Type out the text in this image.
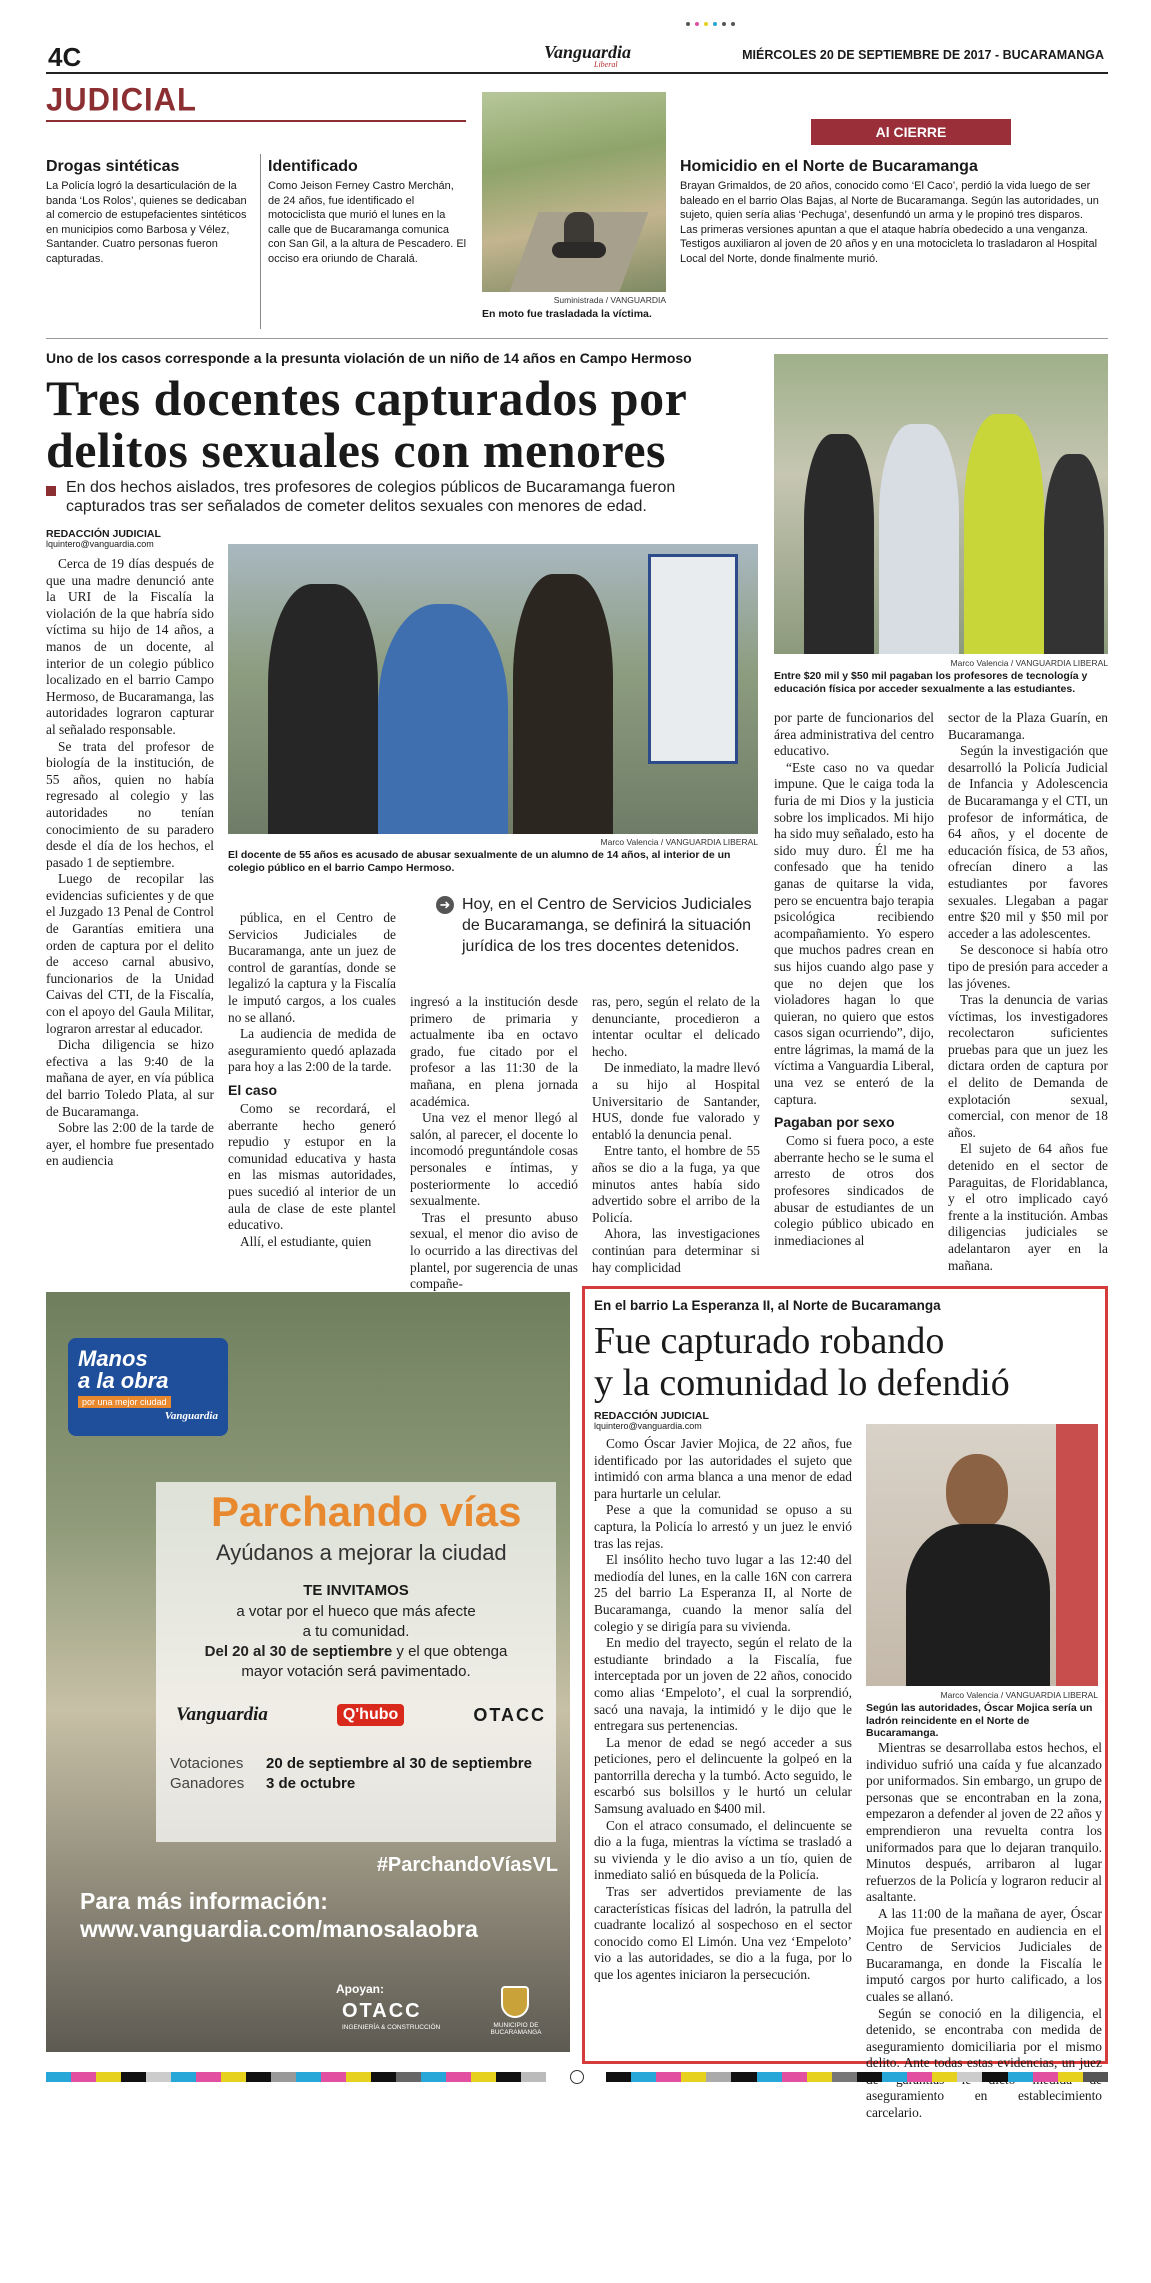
4C	Vanguardia
Liberal
MIÉRCOLES 20 DE SEPTIEMBRE DE 2017 - BUCARAMANGA
JUDICIAL
Drogas sintéticas

La Policía logró la desarticulación de la banda ‘Los Rolos’, quienes se dedicaban al comercio de estupefacientes sintéticos en municipios como Barbosa y Vélez, Santander. Cuatro personas fueron capturadas.

Identificado

Como Jeison Ferney Castro Merchán, de 24 años, fue identificado el motociclista que murió el lunes en la calle que de Bucaramanga comunica con San Gil, a la altura de Pescadero. El occiso era oriundo de Charalá.

Suministrada / VANGUARDIA
En moto fue trasladada la víctima.
Al CIERRE
Homicidio en el Norte de Bucaramanga

Brayan Grimaldos, de 20 años, conocido como ‘El Caco’, perdió la vida luego de ser baleado en el barrio Olas Bajas, al Norte de Bucaramanga. Según las autoridades, un sujeto, quien sería alias ‘Pechuga’, desenfundó un arma y le propinó tres disparos. Las primeras versiones apuntan a que el ataque habría obedecido a una venganza. Testigos auxiliaron al joven de 20 años y en una motocicleta lo trasladaron al Hospital Local del Norte, donde finalmente murió.

Uno de los casos corresponde a la presunta violación de un niño de 14 años en Campo Hermoso
Tres docentes capturados por
delitos sexuales con menores
En dos hechos aislados, tres profesores de colegios públicos de Bucaramanga fueron capturados tras ser señalados de cometer delitos sexuales con menores de edad.
REDACCIÓN JUDICIAL
lquintero@vanguardia.com

Cerca de 19 días después de que una madre denunció ante la URI de la Fiscalía la violación de la que habría sido víctima su hijo de 14 años, a manos de un docente, al interior de un colegio público localizado en el barrio Campo Hermoso, de Bucaramanga, las autoridades lograron capturar al señalado responsable.

Se trata del profesor de biología de la institución, de 55 años, quien no había regresado al colegio y las autoridades no tenían conocimiento de su paradero desde el día de los hechos, el pasado 1 de septiembre.

Luego de recopilar las evidencias suficientes y de que el Juzgado 13 Penal de Control de Garantías emitiera una orden de captura por el delito de acceso carnal abusivo, funcionarios de la Unidad Caivas del CTI, de la Fiscalía, con el apoyo del Gaula Militar, lograron arrestar al educador.

Dicha diligencia se hizo efectiva a las 9:40 de la mañana de ayer, en vía pública del barrio Toledo Plata, al sur de Bucaramanga.

Sobre las 2:00 de la tarde de ayer, el hombre fue presentado en audiencia

Marco Valencia / VANGUARDIA LIBERAL
El docente de 55 años es acusado de abusar sexualmente de un alumno de 14 años, al interior de un colegio público en el barrio Campo Hermoso.
➜ Hoy, en el Centro de Servicios Judiciales de Bucaramanga, se definirá la situación jurídica de los tres docentes detenidos.

pública, en el Centro de Servicios Judiciales de Bucaramanga, ante un juez de control de garantías, donde se legalizó la captura y la Fiscalía le imputó cargos, a los cuales no se allanó.

La audiencia de medida de aseguramiento quedó aplazada para hoy a las 2:00 de la tarde.

El caso

Como se recordará, el aberrante hecho generó repudio y estupor en la comunidad educativa y hasta en las mismas autoridades, pues sucedió al interior de un aula de clase de este plantel educativo.

Allí, el estudiante, quien

ingresó a la institución desde primero de primaria y actualmente iba en octavo grado, fue citado por el profesor a las 11:30 de la mañana, en plena jornada académica.

Una vez el menor llegó al salón, al parecer, el docente lo incomodó preguntándole cosas personales e íntimas, y posteriormente lo accedió sexualmente.

Tras el presunto abuso sexual, el menor dio aviso de lo ocurrido a las directivas del plantel, por sugerencia de unas compañe-

ras, pero, según el relato de la denunciante, procedieron a intentar ocultar el delicado hecho.

De inmediato, la madre llevó a su hijo al Hospital Universitario de Santander, HUS, donde fue valorado y entabló la denuncia penal.

Entre tanto, el hombre de 55 años se dio a la fuga, ya que minutos antes había sido advertido sobre el arribo de la Policía.

Ahora, las investigaciones continúan para determinar si hay complicidad

Marco Valencia / VANGUARDIA LIBERAL
Entre $20 mil y $50 mil pagaban los profesores de tecnología y educación física por acceder sexualmente a las estudiantes.

por parte de funcionarios del área administrativa del centro educativo.

“Este caso no va quedar impune. Que le caiga toda la furia de mi Dios y la justicia sobre los implicados. Mi hijo ha sido muy señalado, esto ha sido muy duro. Él me ha confesado que ha tenido ganas de quitarse la vida, pero se encuentra bajo terapia psicológica recibiendo acompañamiento. Yo espero que muchos padres crean en sus hijos cuando algo pase y que no dejen que los violadores hagan lo que quieran, no quiero que estos casos sigan ocurriendo”, dijo, entre lágrimas, la mamá de la víctima a Vanguardia Liberal, una vez se enteró de la captura.

Pagaban por sexo

Como si fuera poco, a este aberrante hecho se le suma el arresto de otros dos profesores sindicados de abusar de estudiantes de un colegio público ubicado en inmediaciones al

sector de la Plaza Guarín, en Bucaramanga.

Según la investigación que desarrolló la Policía Judicial de Infancia y Adolescencia de Bucaramanga y el CTI, un profesor de informática, de 64 años, y el docente de educación física, de 53 años, ofrecían dinero a las estudiantes por favores sexuales. Llegaban a pagar entre $20 mil y $50 mil por acceder a las adolescentes.

Se desconoce si había otro tipo de presión para acceder a las jóvenes.

Tras la denuncia de varias víctimas, los investigadores recolectaron suficientes pruebas para que un juez les dictara orden de captura por el delito de Demanda de explotación sexual, comercial, con menor de 18 años.

El sujeto de 64 años fue detenido en el sector de Paraguitas, de Floridablanca, y el otro implicado cayó frente a la institución. Ambas diligencias judiciales se adelantaron ayer en la mañana.

Manos
a la obra
por una mejor ciudad
Vanguardia
Parchando vías
Ayúdanos a mejorar la ciudad
TE INVITAMOS
a votar por el hueco que más afecte
a tu comunidad.
Del 20 al 30 de septiembre y el que obtenga
mayor votación será pavimentado.
Vanguardia	Q'hubo	OTACC
Votaciones 20 de septiembre al 30 de septiembre
Ganadores 3 de octubre
#ParchandoVíasVL
Para más información:
www.vanguardia.com/manosalaobra
Apoyan:
OTACC
INGENIERÍA & CONSTRUCCIÓN	MUNICIPIO DE BUCARAMANGA
En el barrio La Esperanza II, al Norte de Bucaramanga
Fue capturado robando
y la comunidad lo defendió
REDACCIÓN JUDICIAL
lquintero@vanguardia.com

Como Óscar Javier Mojica, de 22 años, fue identificado por las autoridades el sujeto que intimidó con arma blanca a una menor de edad para hurtarle un celular.

Pese a que la comunidad se opuso a su captura, la Policía lo arrestó y un juez le envió tras las rejas.

El insólito hecho tuvo lugar a las 12:40 del mediodía del lunes, en la calle 16N con carrera 25 del barrio La Esperanza II, al Norte de Bucaramanga, cuando la menor salía del colegio y se dirigía para su vivienda.

En medio del trayecto, según el relato de la estudiante brindado a la Fiscalía, fue interceptada por un joven de 22 años, conocido como alias ‘Empeloto’, el cual la sorprendió, sacó una navaja, la intimidó y le dijo que le entregara sus pertenencias.

La menor de edad se negó acceder a sus peticiones, pero el delincuente la golpeó en la pantorrilla derecha y la tumbó. Acto seguido, le escarbó sus bolsillos y le hurtó un celular Samsung avaluado en $400 mil.

Con el atraco consumado, el delincuente se dio a la fuga, mientras la víctima se trasladó a su vivienda y le dio aviso a un tío, quien de inmediato salió en búsqueda de la Policía.

Tras ser advertidos previamente de las características físicas del ladrón, la patrulla del cuadrante localizó al sospechoso en el sector conocido como El Limón. Una vez ‘Empeloto’ vio a las autoridades, se dio a la fuga, por lo que los agentes iniciaron la persecución.

Marco Valencia / VANGUARDIA LIBERAL
Según las autoridades, Óscar Mojica sería un ladrón reincidente en el Norte de Bucaramanga.

Mientras se desarrollaba estos hechos, el individuo sufrió una caída y fue alcanzado por uniformados. Sin embargo, un grupo de personas que se encontraban en la zona, empezaron a defender al joven de 22 años y emprendieron una revuelta contra los uniformados para que lo dejaran tranquilo. Minutos después, arribaron al lugar refuerzos de la Policía y lograron reducir al asaltante.

A las 11:00 de la mañana de ayer, Óscar Mojica fue presentado en audiencia en el Centro de Servicios Judiciales de Bucaramanga, en donde la Fiscalía le imputó cargos por hurto calificado, a los cuales se allanó.

Según se conoció en la diligencia, el detenido, se encontraba con medida de aseguramiento domiciliaria por el mismo delito. Ante todas estas evidencias, un juez aseguramiento en establecimiento carcelario.
